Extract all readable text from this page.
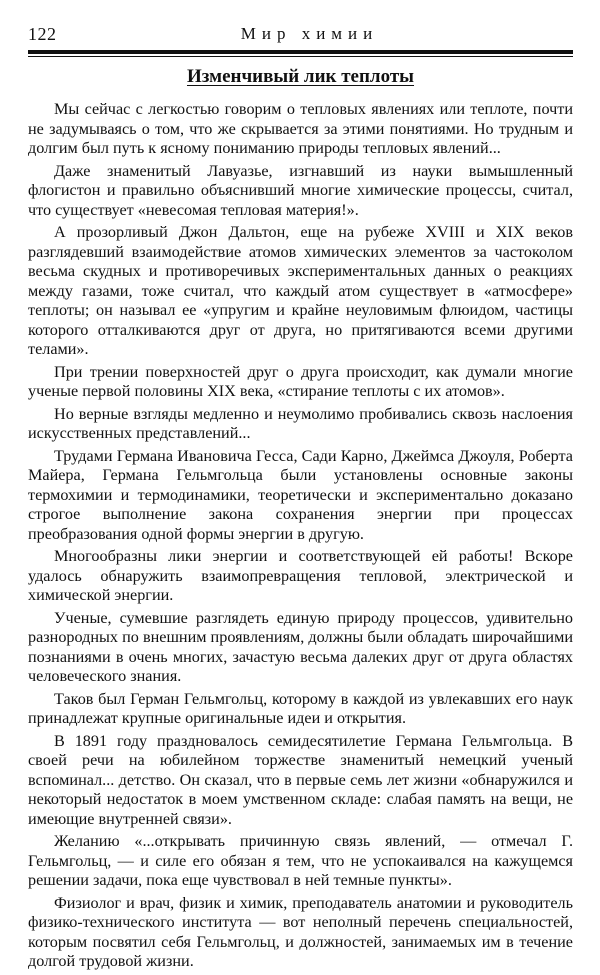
122	Мир химии
Изменчивый лик теплоты

Мы сейчас с легкостью говорим о тепловых явлениях или теплоте, почти не задумываясь о том, что же скрывается за этими понятиями. Но трудным и долгим был путь к ясному пониманию природы тепловых явлений...

Даже знаменитый Лавуазье, изгнавший из науки вымышленный флогистон и правильно объяснивший многие химические процессы, считал, что существует «невесомая тепловая материя!».

А прозорливый Джон Дальтон, еще на рубеже XVIII и XIX веков разглядевший взаимодействие атомов химических элементов за частоколом весьма скудных и противоречивых экспериментальных данных о реакциях между газами, тоже считал, что каждый атом существует в «атмосфере» теплоты; он называл ее «упругим и крайне неуловимым флюидом, частицы которого отталкиваются друг от друга, но притягиваются всеми другими телами».

При трении поверхностей друг о друга происходит, как думали многие ученые первой половины XIX века, «стирание теплоты с их атомов».

Но верные взгляды медленно и неумолимо пробивались сквозь наслоения искусственных представлений...

Трудами Германа Ивановича Гесса, Сади Карно, Джеймса Джоуля, Роберта Майера, Германа Гельмгольца были установлены основные законы термохимии и термодинамики, теоретически и экспериментально доказано строгое выполнение закона сохранения энергии при процессах преобразования одной формы энергии в другую.

Многообразны лики энергии и соответствующей ей работы! Вскоре удалось обнаружить взаимопревращения тепловой, электрической и химической энергии.

Ученые, сумевшие разглядеть единую природу процессов, удивительно разнородных по внешним проявлениям, должны были обладать широчайшими познаниями в очень многих, зачастую весьма далеких друг от друга областях человеческого знания.

Таков был Герман Гельмгольц, которому в каждой из увлекавших его наук принадлежат крупные оригинальные идеи и открытия.

В 1891 году праздновалось семидесятилетие Германа Гельмгольца. В своей речи на юбилейном торжестве знаменитый немецкий ученый вспоминал... детство. Он сказал, что в первые семь лет жизни «обнаружился и некоторый недостаток в моем умственном складе: слабая память на вещи, не имеющие внутренней связи».

Желанию «...открывать причинную связь явлений, — отмечал Г. Гельмгольц, — и силе его обязан я тем, что не успокаивался на кажущемся решении задачи, пока еще чувствовал в ней темные пункты».

Физиолог и врач, физик и химик, преподаватель анатомии и руководитель физико-технического института — вот неполный перечень специальностей, которым посвятил себя Гельмгольц, и должностей, занимаемых им в течение долгой трудовой жизни.
